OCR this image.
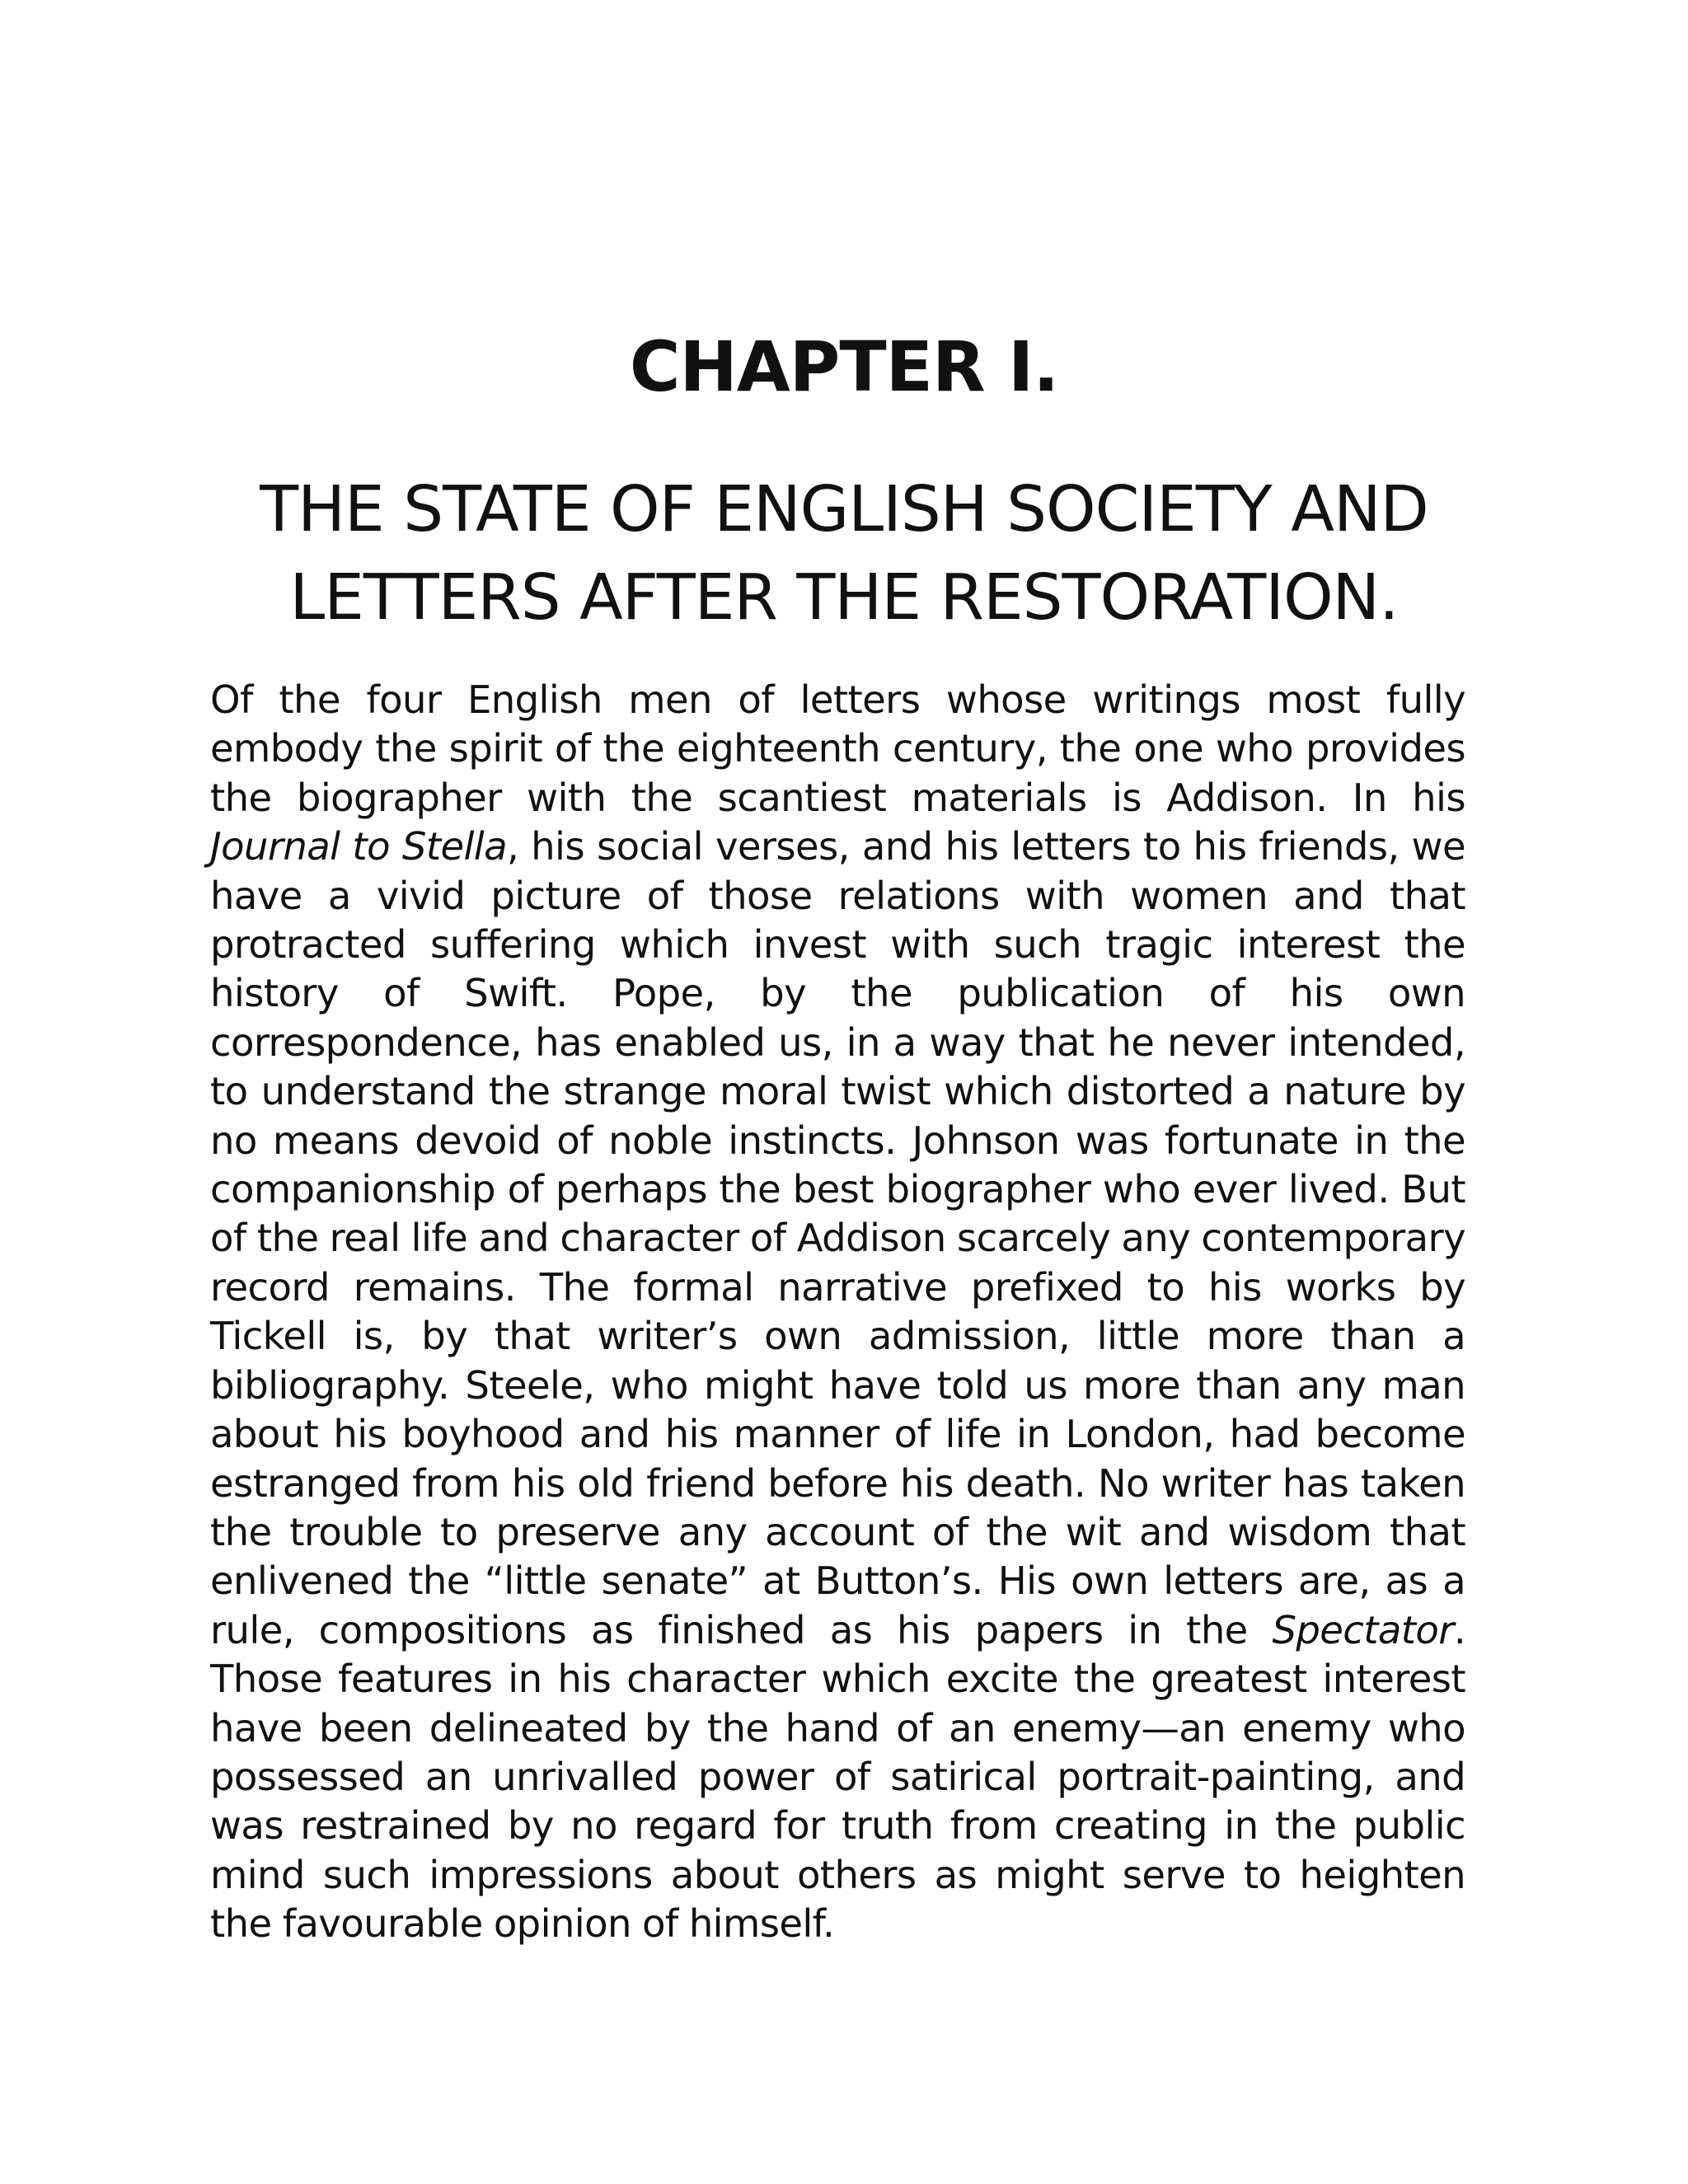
CHAPTER I.
THE STATE OF ENGLISH SOCIETY AND LETTERS AFTER THE RESTORATION.

Of the four English men of letters whose writings most fully embody the spirit of the eighteenth century, the one who provides the biographer with the scantiest materials is Addison. In his Journal to Stella, his social verses, and his letters to his friends, we have a vivid picture of those relations with women and that protracted suffering which invest with such tragic interest the history of Swift. Pope, by the publication of his own correspondence, has enabled us, in a way that he never intended, to understand the strange moral twist which distorted a nature by no means devoid of noble instincts. Johnson was fortunate in the companionship of perhaps the best biographer who ever lived. But of the real life and character of Addison scarcely any contemporary record remains. The formal narrative prefixed to his works by Tickell is, by that writer’s own admission, little more than a bibliography. Steele, who might have told us more than any man about his boyhood and his manner of life in London, had become estranged from his old friend before his death. No writer has taken the trouble to preserve any account of the wit and wisdom that enlivened the “little senate” at Button’s. His own letters are, as a rule, compositions as finished as his papers in the Spectator. Those features in his character which excite the greatest interest have been delineated by the hand of an enemy—an enemy who possessed an unrivalled power of satirical portrait-painting, and was restrained by no regard for truth from creating in the public mind such impressions about others as might serve to heighten the favourable opinion of himself.
